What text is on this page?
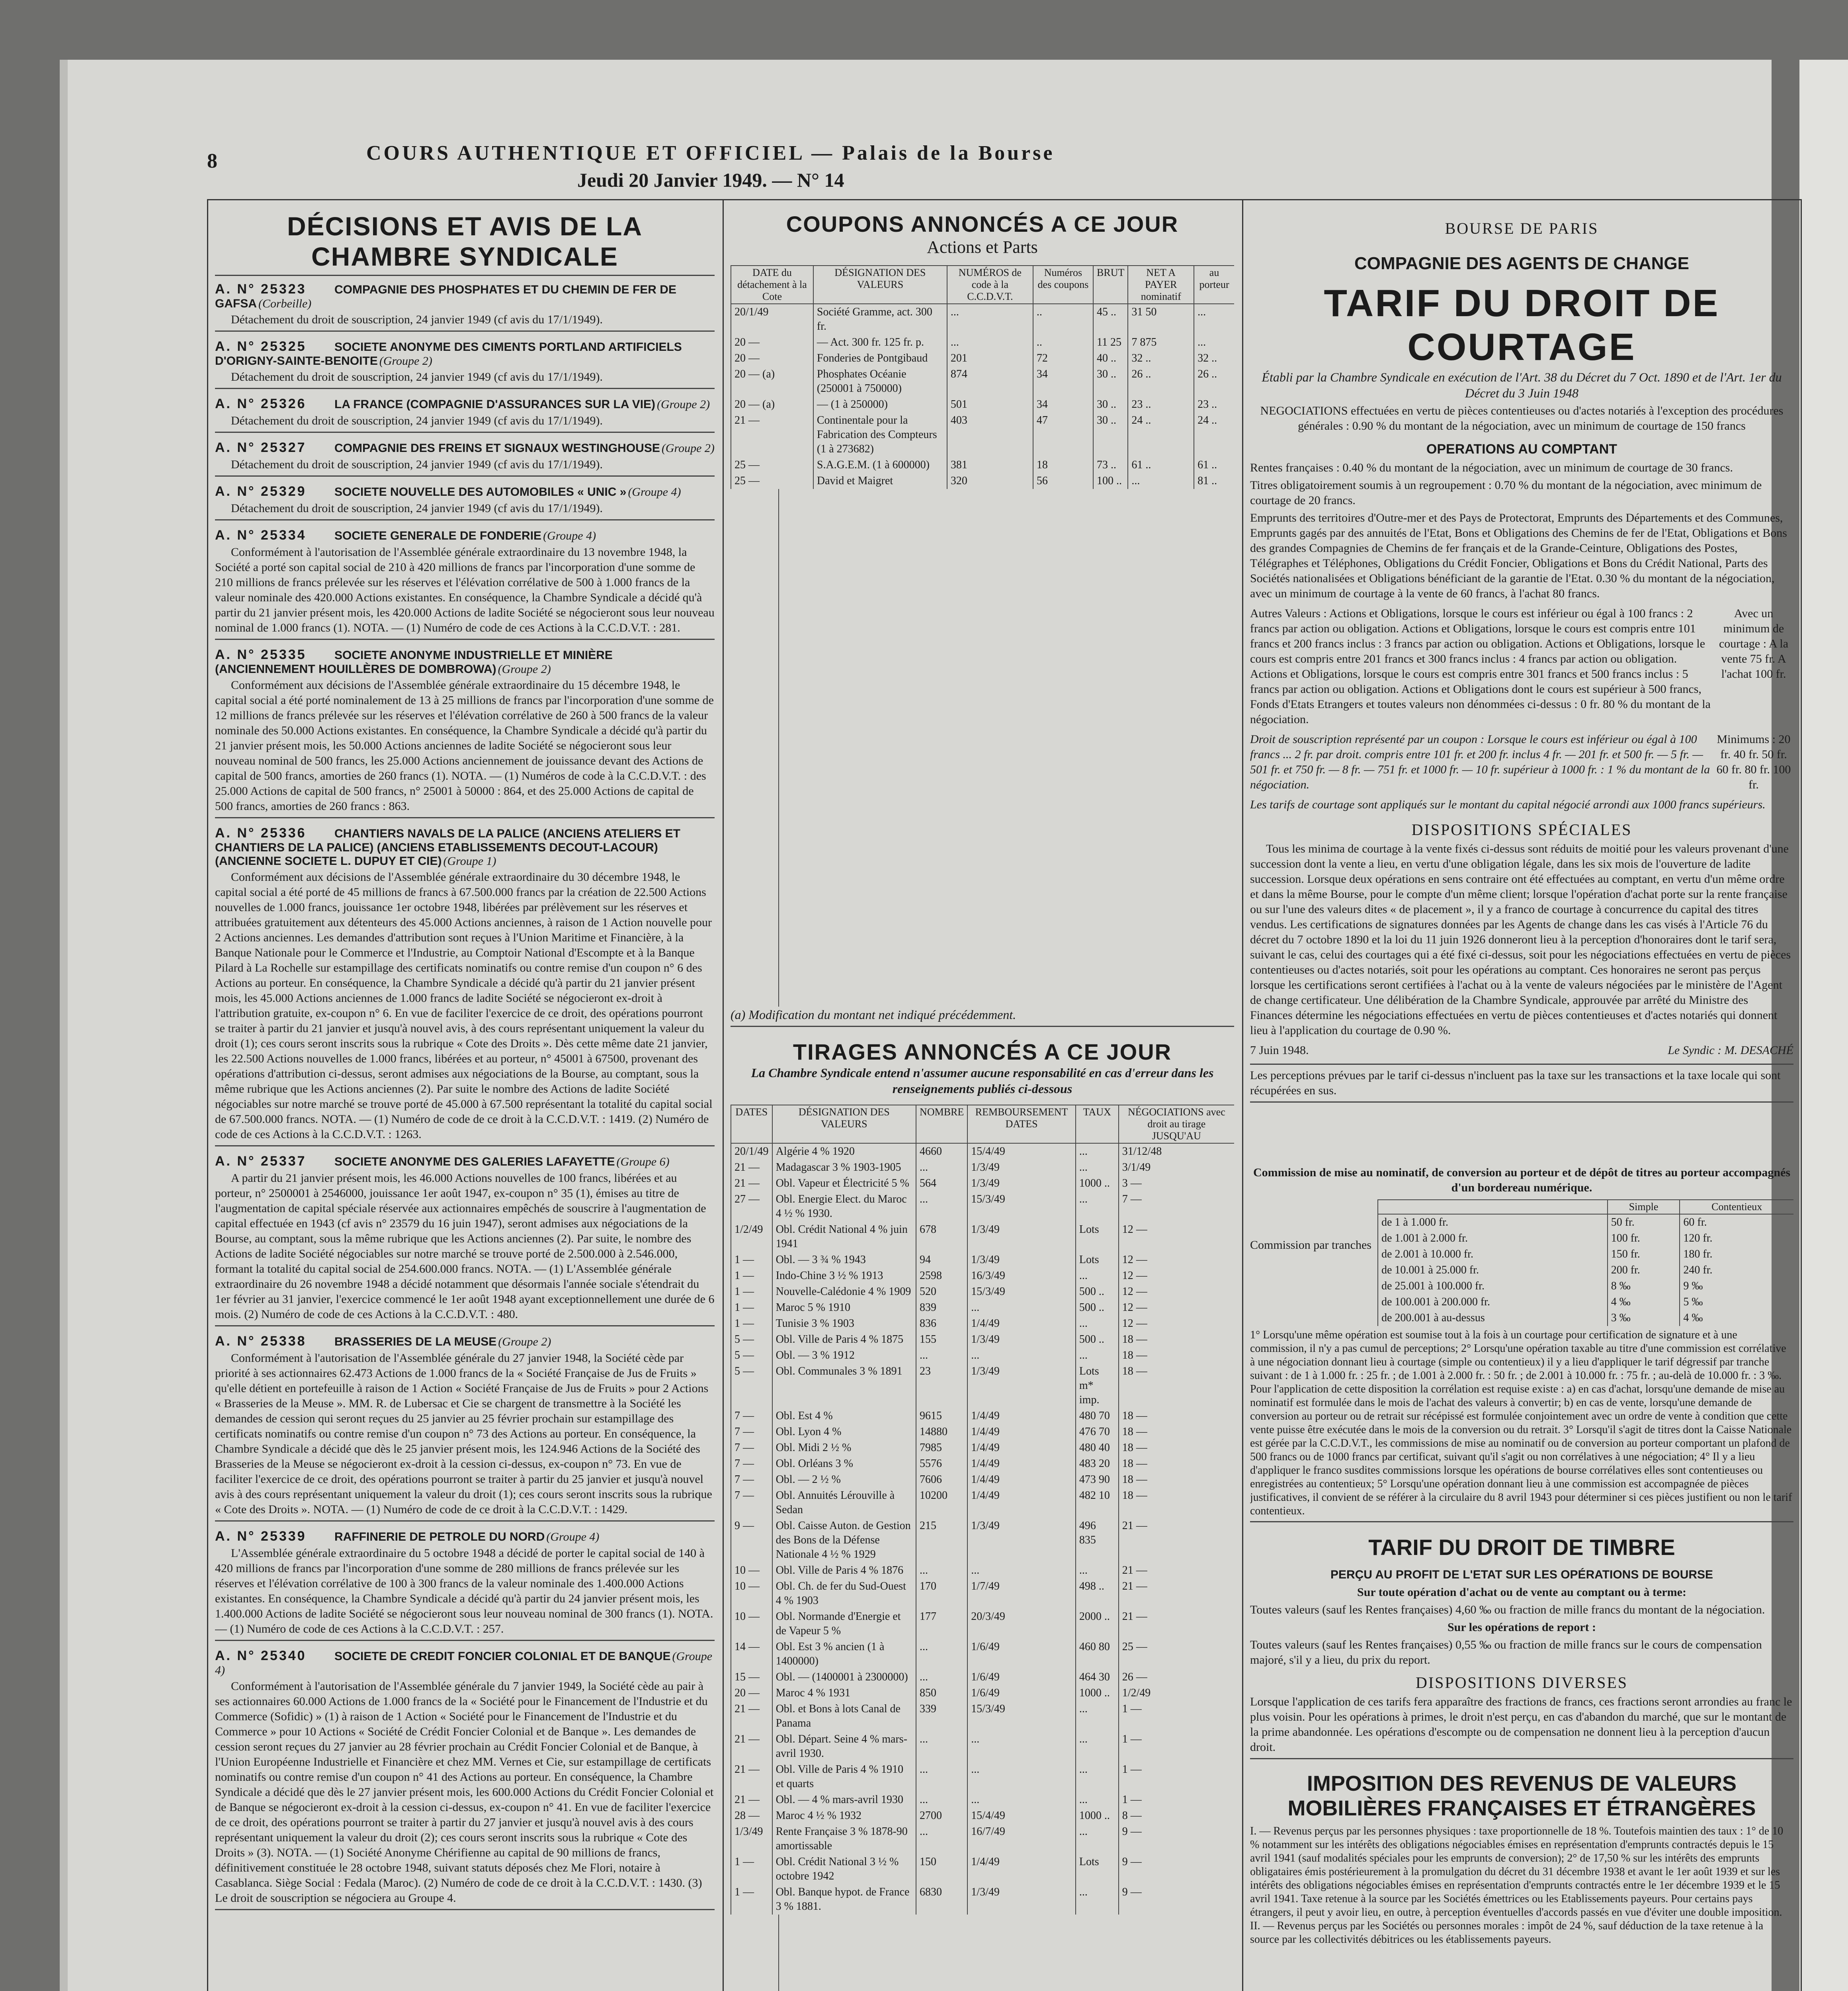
8	COURS AUTHENTIQUE ET OFFICIEL — Palais de la Bourse
Jeudi 20 Janvier 1949. — N° 14
DÉCISIONS ET AVIS DE LA CHAMBRE SYNDICALE
A. N° 25323 COMPAGNIE DES PHOSPHATES ET DU CHEMIN DE FER DE GAFSA (Corbeille)
Détachement du droit de souscription, 24 janvier 1949 (cf avis du 17/1/1949).
A. N° 25325 SOCIETE ANONYME DES CIMENTS PORTLAND ARTIFICIELS D'ORIGNY-SAINTE-BENOITE (Groupe 2)
Détachement du droit de souscription, 24 janvier 1949 (cf avis du 17/1/1949).
A. N° 25326 LA FRANCE (COMPAGNIE D'ASSURANCES SUR LA VIE) (Groupe 2)
Détachement du droit de souscription, 24 janvier 1949 (cf avis du 17/1/1949).
A. N° 25327 COMPAGNIE DES FREINS ET SIGNAUX WESTINGHOUSE (Groupe 2)
Détachement du droit de souscription, 24 janvier 1949 (cf avis du 17/1/1949).
A. N° 25329 SOCIETE NOUVELLE DES AUTOMOBILES « UNIC » (Groupe 4)
Détachement du droit de souscription, 24 janvier 1949 (cf avis du 17/1/1949).
A. N° 25334 SOCIETE GENERALE DE FONDERIE (Groupe 4)
Conformément à l'autorisation de l'Assemblée générale extraordinaire du 13 novembre 1948, la Société a porté son capital social de 210 à 420 millions de francs par l'incorporation d'une somme de 210 millions de francs prélevée sur les réserves et l'élévation corrélative de 500 à 1.000 francs de la valeur nominale des 420.000 Actions existantes. En conséquence, la Chambre Syndicale a décidé qu'à partir du 21 janvier présent mois, les 420.000 Actions de ladite Société se négocieront sous leur nouveau nominal de 1.000 francs (1). NOTA. — (1) Numéro de code de ces Actions à la C.C.D.V.T. : 281.
A. N° 25335 SOCIETE ANONYME INDUSTRIELLE ET MINIÈRE (ANCIENNEMENT HOUILLÈRES DE DOMBROWA) (Groupe 2)
Conformément aux décisions de l'Assemblée générale extraordinaire du 15 décembre 1948, le capital social a été porté nominalement de 13 à 25 millions de francs par l'incorporation d'une somme de 12 millions de francs prélevée sur les réserves et l'élévation corrélative de 260 à 500 francs de la valeur nominale des 50.000 Actions existantes. En conséquence, la Chambre Syndicale a décidé qu'à partir du 21 janvier présent mois, les 50.000 Actions anciennes de ladite Société se négocieront sous leur nouveau nominal de 500 francs, les 25.000 Actions anciennement de jouissance devant des Actions de capital de 500 francs, amorties de 260 francs (1). NOTA. — (1) Numéros de code à la C.C.D.V.T. : des 25.000 Actions de capital de 500 francs, n° 25001 à 50000 : 864, et des 25.000 Actions de capital de 500 francs, amorties de 260 francs : 863.
A. N° 25336 CHANTIERS NAVALS DE LA PALICE (ANCIENS ATELIERS ET CHANTIERS DE LA PALICE) (ANCIENS ETABLISSEMENTS DECOUT-LACOUR) (ANCIENNE SOCIETE L. DUPUY ET CIE) (Groupe 1)
Conformément aux décisions de l'Assemblée générale extraordinaire du 30 décembre 1948, le capital social a été porté de 45 millions de francs à 67.500.000 francs par la création de 22.500 Actions nouvelles de 1.000 francs, jouissance 1er octobre 1948, libérées par prélèvement sur les réserves et attribuées gratuitement aux détenteurs des 45.000 Actions anciennes, à raison de 1 Action nouvelle pour 2 Actions anciennes. Les demandes d'attribution sont reçues à l'Union Maritime et Financière, à la Banque Nationale pour le Commerce et l'Industrie, au Comptoir National d'Escompte et à la Banque Pilard à La Rochelle sur estampillage des certificats nominatifs ou contre remise d'un coupon n° 6 des Actions au porteur. En conséquence, la Chambre Syndicale a décidé qu'à partir du 21 janvier présent mois, les 45.000 Actions anciennes de 1.000 francs de ladite Société se négocieront ex-droit à l'attribution gratuite, ex-coupon n° 6. En vue de faciliter l'exercice de ce droit, des opérations pourront se traiter à partir du 21 janvier et jusqu'à nouvel avis, à des cours représentant uniquement la valeur du droit (1); ces cours seront inscrits sous la rubrique « Cote des Droits ». Dès cette même date 21 janvier, les 22.500 Actions nouvelles de 1.000 francs, libérées et au porteur, n° 45001 à 67500, provenant des opérations d'attribution ci-dessus, seront admises aux négociations de la Bourse, au comptant, sous la même rubrique que les Actions anciennes (2). Par suite le nombre des Actions de ladite Société négociables sur notre marché se trouve porté de 45.000 à 67.500 représentant la totalité du capital social de 67.500.000 francs. NOTA. — (1) Numéro de code de ce droit à la C.C.D.V.T. : 1419. (2) Numéro de code de ces Actions à la C.C.D.V.T. : 1263.
A. N° 25337 SOCIETE ANONYME DES GALERIES LAFAYETTE (Groupe 6)
A partir du 21 janvier présent mois, les 46.000 Actions nouvelles de 100 francs, libérées et au porteur, n° 2500001 à 2546000, jouissance 1er août 1947, ex-coupon n° 35 (1), émises au titre de l'augmentation de capital spéciale réservée aux actionnaires empêchés de souscrire à l'augmentation de capital effectuée en 1943 (cf avis n° 23579 du 16 juin 1947), seront admises aux négociations de la Bourse, au comptant, sous la même rubrique que les Actions anciennes (2). Par suite, le nombre des Actions de ladite Société négociables sur notre marché se trouve porté de 2.500.000 à 2.546.000, formant la totalité du capital social de 254.600.000 francs. NOTA. — (1) L'Assemblée générale extraordinaire du 26 novembre 1948 a décidé notamment que désormais l'année sociale s'étendrait du 1er février au 31 janvier, l'exercice commencé le 1er août 1948 ayant exceptionnellement une durée de 6 mois. (2) Numéro de code de ces Actions à la C.C.D.V.T. : 480.
A. N° 25338 BRASSERIES DE LA MEUSE (Groupe 2)
Conformément à l'autorisation de l'Assemblée générale du 27 janvier 1948, la Société cède par priorité à ses actionnaires 62.473 Actions de 1.000 francs de la « Société Française de Jus de Fruits » qu'elle détient en portefeuille à raison de 1 Action « Société Française de Jus de Fruits » pour 2 Actions « Brasseries de la Meuse ». MM. R. de Lubersac et Cie se chargent de transmettre à la Société les demandes de cession qui seront reçues du 25 janvier au 25 février prochain sur estampillage des certificats nominatifs ou contre remise d'un coupon n° 73 des Actions au porteur. En conséquence, la Chambre Syndicale a décidé que dès le 25 janvier présent mois, les 124.946 Actions de la Société des Brasseries de la Meuse se négocieront ex-droit à la cession ci-dessus, ex-coupon n° 73. En vue de faciliter l'exercice de ce droit, des opérations pourront se traiter à partir du 25 janvier et jusqu'à nouvel avis à des cours représentant uniquement la valeur du droit (1); ces cours seront inscrits sous la rubrique « Cote des Droits ». NOTA. — (1) Numéro de code de ce droit à la C.C.D.V.T. : 1429.
A. N° 25339 RAFFINERIE DE PETROLE DU NORD (Groupe 4)
L'Assemblée générale extraordinaire du 5 octobre 1948 a décidé de porter le capital social de 140 à 420 millions de francs par l'incorporation d'une somme de 280 millions de francs prélevée sur les réserves et l'élévation corrélative de 100 à 300 francs de la valeur nominale des 1.400.000 Actions existantes. En conséquence, la Chambre Syndicale a décidé qu'à partir du 24 janvier présent mois, les 1.400.000 Actions de ladite Société se négocieront sous leur nouveau nominal de 300 francs (1). NOTA. — (1) Numéro de code de ces Actions à la C.C.D.V.T. : 257.
A. N° 25340 SOCIETE DE CREDIT FONCIER COLONIAL ET DE BANQUE (Groupe 4)
Conformément à l'autorisation de l'Assemblée générale du 7 janvier 1949, la Société cède au pair à ses actionnaires 60.000 Actions de 1.000 francs de la « Société pour le Financement de l'Industrie et du Commerce (Sofidic) » (1) à raison de 1 Action « Société pour le Financement de l'Industrie et du Commerce » pour 10 Actions « Société de Crédit Foncier Colonial et de Banque ». Les demandes de cession seront reçues du 27 janvier au 28 février prochain au Crédit Foncier Colonial et de Banque, à l'Union Européenne Industrielle et Financière et chez MM. Vernes et Cie, sur estampillage de certificats nominatifs ou contre remise d'un coupon n° 41 des Actions au porteur. En conséquence, la Chambre Syndicale a décidé que dès le 27 janvier présent mois, les 600.000 Actions du Crédit Foncier Colonial et de Banque se négocieront ex-droit à la cession ci-dessus, ex-coupon n° 41. En vue de faciliter l'exercice de ce droit, des opérations pourront se traiter à partir du 27 janvier et jusqu'à nouvel avis à des cours représentant uniquement la valeur du droit (2); ces cours seront inscrits sous la rubrique « Cote des Droits » (3). NOTA. — (1) Société Anonyme Chérifienne au capital de 90 millions de francs, définitivement constituée le 28 octobre 1948, suivant statuts déposés chez Me Flori, notaire à Casablanca. Siège Social : Fedala (Maroc). (2) Numéro de code de ce droit à la C.C.D.V.T. : 1430. (3) Le droit de souscription se négociera au Groupe 4.
COUPONS ANNONCÉS A CE JOUR
Actions et Parts
DATE du détachement à la Cote	DÉSIGNATION DES VALEURS	NUMÉROS de code à la C.C.D.V.T.	Numéros des coupons	BRUT	NET A PAYER nominatif	au porteur
20/1/49	Société Gramme, act. 300 fr.	...	..	45 ..	31 50	...
20 —	— Act. 300 fr. 125 fr. p.	...	..	11 25	7 875	...
20 —	Fonderies de Pontgibaud	201	72	40 ..	32 ..	32 ..
20 — (a)	Phosphates Océanie (250001 à 750000)	874	34	30 ..	26 ..	26 ..
20 — (a)	— (1 à 250000)	501	34	30 ..	23 ..	23 ..
21 —	Continentale pour la Fabrication des Compteurs (1 à 273682)	403	47	30 ..	24 ..	24 ..
25 —	S.A.G.E.M. (1 à 600000)	381	18	73 ..	61 ..	61 ..
25 —	David et Maigret	320	56	100 ..	...	81 ..
(a) Modification du montant net indiqué précédemment.
TIRAGES ANNONCÉS A CE JOUR
La Chambre Syndicale entend n'assumer aucune responsabilité en cas d'erreur dans les renseignements publiés ci-dessous
DATES	DÉSIGNATION DES VALEURS	NOMBRE	REMBOURSEMENT DATES	TAUX	NÉGOCIATIONS avec droit au tirage JUSQU'AU
20/1/49	Algérie 4 % 1920	4660	15/4/49	...	31/12/48
21 —	Madagascar 3 % 1903-1905	...	1/3/49	...	3/1/49
21 —	Obl. Vapeur et Électricité 5 %	564	1/3/49	1000 ..	3 —
27 —	Obl. Energie Elect. du Maroc 4 ½ % 1930.	...	15/3/49	...	7 —
1/2/49	Obl. Crédit National 4 % juin 1941	678	1/3/49	Lots	12 —
1 —	Obl. — 3 ¾ % 1943	94	1/3/49	Lots	12 —
1 —	Indo-Chine 3 ½ % 1913	2598	16/3/49	...	12 —
1 —	Nouvelle-Calédonie 4 % 1909	520	15/3/49	500 ..	12 —
1 —	Maroc 5 % 1910	839	...	500 ..	12 —
1 —	Tunisie 3 % 1903	836	1/4/49	...	12 —
5 —	Obl. Ville de Paris 4 % 1875	155	1/3/49	500 ..	18 —
5 —	Obl. — 3 % 1912	...	...	...	18 —
5 —	Obl. Communales 3 % 1891	23	1/3/49	Lots m* imp.	18 —
7 —	Obl. Est 4 %	9615	1/4/49	480 70	18 —
7 —	Obl. Lyon 4 %	14880	1/4/49	476 70	18 —
7 —	Obl. Midi 2 ½ %	7985	1/4/49	480 40	18 —
7 —	Obl. Orléans 3 %	5576	1/4/49	483 20	18 —
7 —	Obl. — 2 ½ %	7606	1/4/49	473 90	18 —
7 —	Obl. Annuités Lérouville à Sedan	10200	1/4/49	482 10	18 —
9 —	Obl. Caisse Auton. de Gestion des Bons de la Défense Nationale 4 ½ % 1929	215	1/3/49	496 835	21 —
10 —	Obl. Ville de Paris 4 % 1876	...	...	...	21 —
10 —	Obl. Ch. de fer du Sud-Ouest 4 % 1903	170	1/7/49	498 ..	21 —
10 —	Obl. Normande d'Energie et de Vapeur 5 %	177	20/3/49	2000 ..	21 —
14 —	Obl. Est 3 % ancien (1 à 1400000)	...	1/6/49	460 80	25 —
15 —	Obl. — (1400001 à 2300000)	...	1/6/49	464 30	26 —
20 —	Maroc 4 % 1931	850	1/6/49	1000 ..	1/2/49
21 —	Obl. et Bons à lots Canal de Panama	339	15/3/49	...	1 —
21 —	Obl. Départ. Seine 4 % mars-avril 1930.	...	...	...	1 —
21 —	Obl. Ville de Paris 4 % 1910 et quarts	...	...	...	1 —
21 —	Obl. — 4 % mars-avril 1930	...	...	...	1 —
28 —	Maroc 4 ½ % 1932	2700	15/4/49	1000 ..	8 —
1/3/49	Rente Française 3 % 1878-90 amortissable	...	16/7/49	...	9 —
1 —	Obl. Crédit National 3 ½ % octobre 1942	150	1/4/49	Lots	9 —
1 —	Obl. Banque hypot. de France 3 % 1881.	6830	1/3/49	...	9 —
BOURSE DE PARIS
COMPAGNIE DES AGENTS DE CHANGE
TARIF DU DROIT DE COURTAGE
Établi par la Chambre Syndicale en exécution de l'Art. 38 du Décret du 7 Oct. 1890 et de l'Art. 1er du Décret du 3 Juin 1948
NEGOCIATIONS effectuées en vertu de pièces contentieuses ou d'actes notariés à l'exception des procédures générales : 0.90 % du montant de la négociation, avec un minimum de courtage de 150 francs
OPERATIONS AU COMPTANT
Rentes françaises : 0.40 % du montant de la négociation, avec un minimum de courtage de 30 francs.
Titres obligatoirement soumis à un regroupement : 0.70 % du montant de la négociation, avec minimum de courtage de 20 francs.
Emprunts des territoires d'Outre-mer et des Pays de Protectorat, Emprunts des Départements et des Communes, Emprunts gagés par des annuités de l'Etat, Bons et Obligations des Chemins de fer de l'Etat, Obligations et Bons des grandes Compagnies de Chemins de fer français et de la Grande-Ceinture, Obligations des Postes, Télégraphes et Téléphones, Obligations du Crédit Foncier, Obligations et Bons du Crédit National, Parts des Sociétés nationalisées et Obligations bénéficiant de la garantie de l'Etat. 0.30 % du montant de la négociation, avec un minimum de courtage à la vente de 60 francs, à l'achat 80 francs.
Autres Valeurs : Actions et Obligations, lorsque le cours est inférieur ou égal à 100 francs : 2 francs par action ou obligation. Actions et Obligations, lorsque le cours est compris entre 101 francs et 200 francs inclus : 3 francs par action ou obligation. Actions et Obligations, lorsque le cours est compris entre 201 francs et 300 francs inclus : 4 francs par action ou obligation. Actions et Obligations, lorsque le cours est compris entre 301 francs et 500 francs inclus : 5 francs par action ou obligation. Actions et Obligations dont le cours est supérieur à 500 francs, Fonds d'Etats Etrangers et toutes valeurs non dénommées ci-dessus : 0 fr. 80 % du montant de la négociation.
Avec un minimum de courtage : A la vente 75 fr. A l'achat 100 fr.
Droit de souscription représenté par un coupon : Lorsque le cours est inférieur ou égal à 100 francs ... 2 fr. par droit. compris entre 101 fr. et 200 fr. inclus 4 fr. — 201 fr. et 500 fr. — 5 fr. — 501 fr. et 750 fr. — 8 fr. — 751 fr. et 1000 fr. — 10 fr. supérieur à 1000 fr. : 1 % du montant de la négociation.
Minimums : 20 fr. 40 fr. 50 fr. 60 fr. 80 fr. 100 fr.
Les tarifs de courtage sont appliqués sur le montant du capital négocié arrondi aux 1000 francs supérieurs.
DISPOSITIONS SPÉCIALES
Tous les minima de courtage à la vente fixés ci-dessus sont réduits de moitié pour les valeurs provenant d'une succession dont la vente a lieu, en vertu d'une obligation légale, dans les six mois de l'ouverture de ladite succession. Lorsque deux opérations en sens contraire ont été effectuées au comptant, en vertu d'un même ordre et dans la même Bourse, pour le compte d'un même client; lorsque l'opération d'achat porte sur la rente française ou sur l'une des valeurs dites « de placement », il y a franco de courtage à concurrence du capital des titres vendus. Les certifications de signatures données par les Agents de change dans les cas visés à l'Article 76 du décret du 7 octobre 1890 et la loi du 11 juin 1926 donneront lieu à la perception d'honoraires dont le tarif sera, suivant le cas, celui des courtages qui a été fixé ci-dessus, soit pour les négociations effectuées en vertu de pièces contentieuses ou d'actes notariés, soit pour les opérations au comptant. Ces honoraires ne seront pas perçus lorsque les certifications seront certifiées à l'achat ou à la vente de valeurs négociées par le ministère de l'Agent de change certificateur. Une délibération de la Chambre Syndicale, approuvée par arrêté du Ministre des Finances détermine les négociations effectuées en vertu de pièces contentieuses et d'actes notariés qui donnent lieu à l'application du courtage de 0.90 %.
7 Juin 1948.	Le Syndic : M. DESACHÉ
Les perceptions prévues par le tarif ci-dessus n'incluent pas la taxe sur les transactions et la taxe locale qui sont récupérées en sus.
Commission de mise au nominatif, de conversion au porteur et de dépôt de titres au porteur accompagnés d'un bordereau numérique.
Commission par tranches
	Simple	Contentieux
de 1 à 1.000 fr.	50 fr.	60 fr.
de 1.001 à 2.000 fr.	100 fr.	120 fr.
de 2.001 à 10.000 fr.	150 fr.	180 fr.
de 10.001 à 25.000 fr.	200 fr.	240 fr.
de 25.001 à 100.000 fr.	8 ‰	9 ‰
de 100.001 à 200.000 fr.	4 ‰	5 ‰
de 200.001 à au-dessus	3 ‰	4 ‰
1° Lorsqu'une même opération est soumise tout à la fois à un courtage pour certification de signature et à une commission, il n'y a pas cumul de perceptions; 2° Lorsqu'une opération taxable au titre d'une commission est corrélative à une négociation donnant lieu à courtage (simple ou contentieux) il y a lieu d'appliquer le tarif dégressif par tranche suivant : de 1 à 1.000 fr. : 25 fr. ; de 1.001 à 2.000 fr. : 50 fr. ; de 2.001 à 10.000 fr. : 75 fr. ; au-delà de 10.000 fr. : 3 ‰. Pour l'application de cette disposition la corrélation est requise existe : a) en cas d'achat, lorsqu'une demande de mise au nominatif est formulée dans le mois de l'achat des valeurs à convertir; b) en cas de vente, lorsqu'une demande de conversion au porteur ou de retrait sur récépissé est formulée conjointement avec un ordre de vente à condition que cette vente puisse être exécutée dans le mois de la conversion ou du retrait. 3° Lorsqu'il s'agit de titres dont la Caisse Nationale est gérée par la C.C.D.V.T., les commissions de mise au nominatif ou de conversion au porteur comportant un plafond de 500 francs ou de 1000 francs par certificat, suivant qu'il s'agit ou non corrélatives à une négociation; 4° Il y a lieu d'appliquer le franco susdites commissions lorsque les opérations de bourse corrélatives elles sont contentieuses ou enregistrées au contentieux; 5° Lorsqu'une opération donnant lieu à une commission est accompagnée de pièces justificatives, il convient de se référer à la circulaire du 8 avril 1943 pour déterminer si ces pièces justifient ou non le tarif contentieux.
TARIF DU DROIT DE TIMBRE
PERÇU AU PROFIT DE L'ETAT SUR LES OPÉRATIONS DE BOURSE
Sur toute opération d'achat ou de vente au comptant ou à terme:
Toutes valeurs (sauf les Rentes françaises) 4,60 ‰ ou fraction de mille francs du montant de la négociation.
Sur les opérations de report :
Toutes valeurs (sauf les Rentes françaises) 0,55 ‰ ou fraction de mille francs sur le cours de compensation majoré, s'il y a lieu, du prix du report.
DISPOSITIONS DIVERSES
Lorsque l'application de ces tarifs fera apparaître des fractions de francs, ces fractions seront arrondies au franc le plus voisin. Pour les opérations à primes, le droit n'est perçu, en cas d'abandon du marché, que sur le montant de la prime abandonnée. Les opérations d'escompte ou de compensation ne donnent lieu à la perception d'aucun droit.
IMPOSITION DES REVENUS DE VALEURS MOBILIÈRES FRANÇAISES ET ÉTRANGÈRES
I. — Revenus perçus par les personnes physiques : taxe proportionnelle de 18 %. Toutefois maintien des taux : 1° de 10 % notamment sur les intérêts des obligations négociables émises en représentation d'emprunts contractés depuis le 15 avril 1941 (sauf modalités spéciales pour les emprunts de conversion); 2° de 17,50 % sur les intérêts des emprunts obligataires émis postérieurement à la promulgation du décret du 31 décembre 1938 et avant le 1er août 1939 et sur les intérêts des obligations négociables émises en représentation d'emprunts contractés entre le 1er décembre 1939 et le 15 avril 1941. Taxe retenue à la source par les Sociétés émettrices ou les Etablissements payeurs. Pour certains pays étrangers, il peut y avoir lieu, en outre, à perception éventuelles d'accords passés en vue d'éviter une double imposition. II. — Revenus perçus par les Sociétés ou personnes morales : impôt de 24 %, sauf déduction de la taxe retenue à la source par les collectivités débitrices ou les établissements payeurs.
